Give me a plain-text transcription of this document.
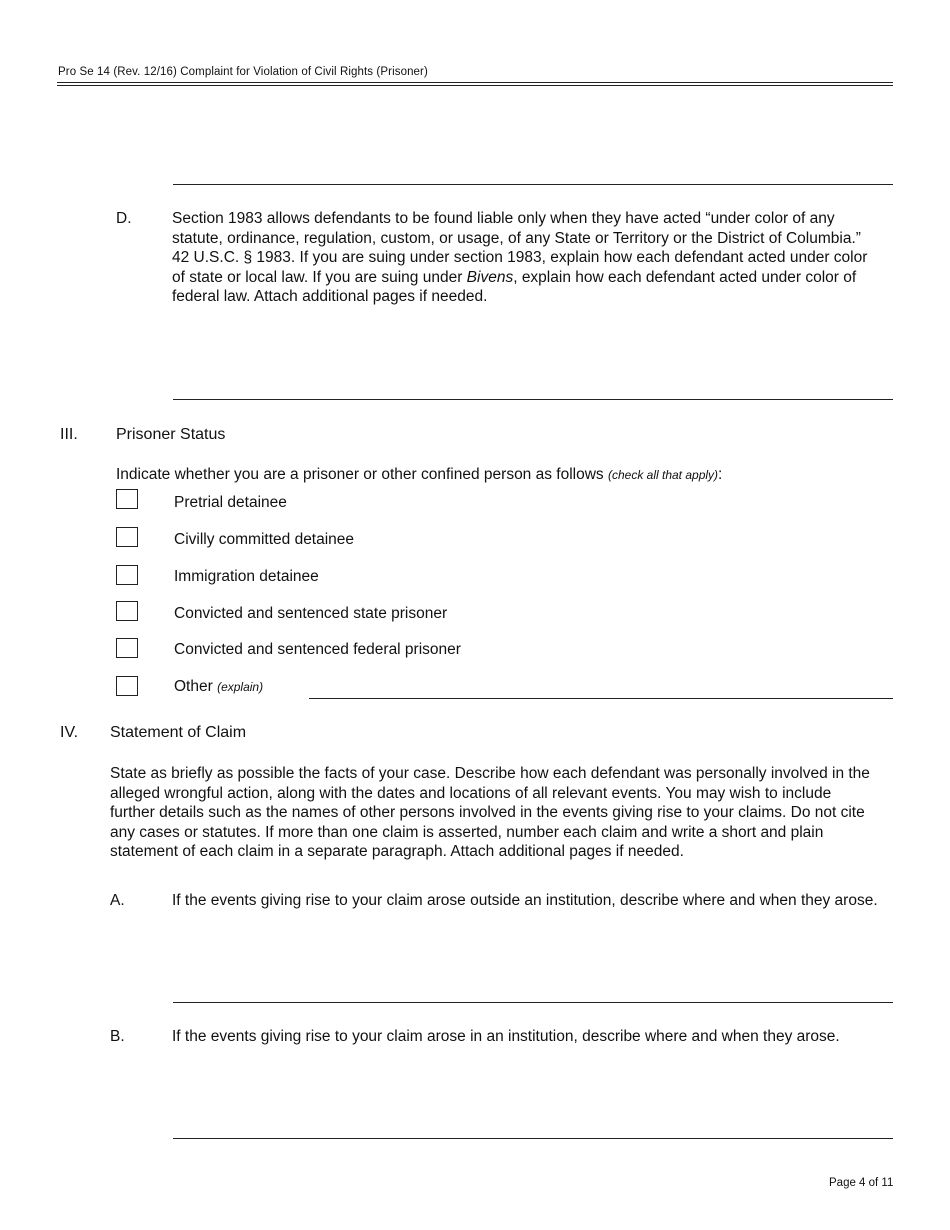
Pro Se 14 (Rev. 12/16) Complaint for Violation of Civil Rights (Prisoner)
D.	Section 1983 allows defendants to be found liable only when they have acted “under color of any statute, ordinance, regulation, custom, or usage, of any State or Territory or the District of Columbia.” 42 U.S.C. § 1983. If you are suing under section 1983, explain how each defendant acted under color of state or local law. If you are suing under Bivens, explain how each defendant acted under color of federal law. Attach additional pages if needed.
III. Prisoner Status
Indicate whether you are a prisoner or other confined person as follows (check all that apply):
Pretrial detainee
Civilly committed detainee
Immigration detainee
Convicted and sentenced state prisoner
Convicted and sentenced federal prisoner
Other (explain)
IV. Statement of Claim
State as briefly as possible the facts of your case. Describe how each defendant was personally involved in the alleged wrongful action, along with the dates and locations of all relevant events. You may wish to include further details such as the names of other persons involved in the events giving rise to your claims. Do not cite any cases or statutes. If more than one claim is asserted, number each claim and write a short and plain statement of each claim in a separate paragraph. Attach additional pages if needed.
A.	If the events giving rise to your claim arose outside an institution, describe where and when they arose.
B.	If the events giving rise to your claim arose in an institution, describe where and when they arose.
Page 4 of 11
